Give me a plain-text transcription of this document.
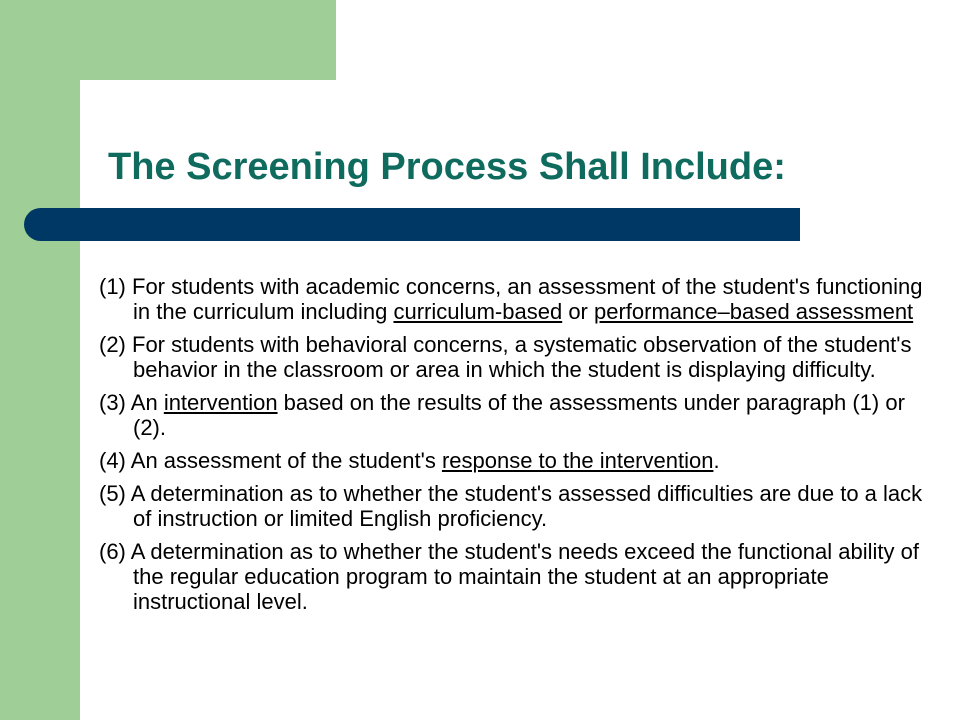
The Screening Process Shall Include:
(1) For students with academic concerns, an assessment of the student's functioning in the curriculum including curriculum-based or performance–based assessment
(2) For students with behavioral concerns, a systematic observation of the student's behavior in the classroom or area in which the student is displaying difficulty.
(3) An intervention based on the results of the assessments under paragraph (1) or (2).
(4) An assessment of the student's response to the intervention.
(5) A determination as to whether the student's assessed difficulties are due to a lack of instruction or limited English proficiency.
(6) A determination as to whether the student's needs exceed the functional ability of the regular education program to maintain the student at an appropriate instructional level.
